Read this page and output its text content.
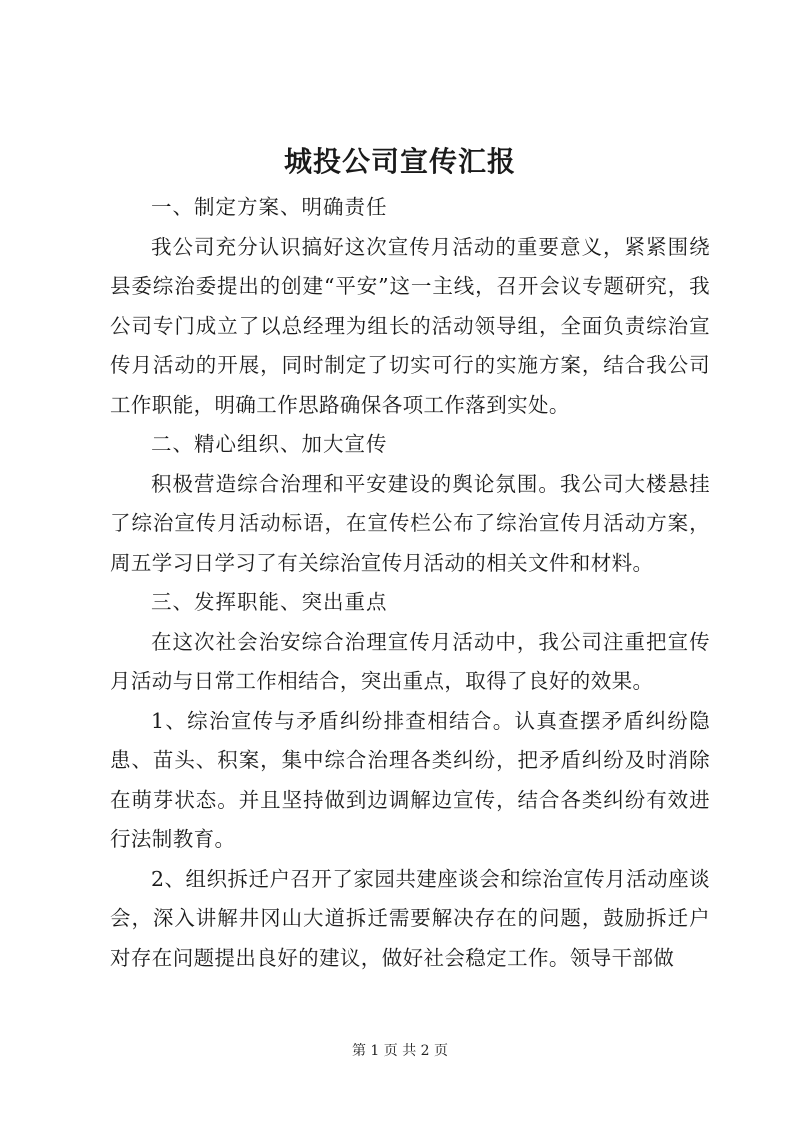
城投公司宣传汇报

一、制定方案、明确责任

我公司充分认识搞好这次宣传月活动的重要意义，紧紧围绕县委综治委提出的创建“平安”这一主线，召开会议专题研究，我公司专门成立了以总经理为组长的活动领导组，全面负责综治宣传月活动的开展，同时制定了切实可行的实施方案，结合我公司工作职能，明确工作思路确保各项工作落到实处。

二、精心组织、加大宣传

积极营造综合治理和平安建设的舆论氛围。我公司大楼悬挂了综治宣传月活动标语，在宣传栏公布了综治宣传月活动方案，周五学习日学习了有关综治宣传月活动的相关文件和材料。

三、发挥职能、突出重点

在这次社会治安综合治理宣传月活动中，我公司注重把宣传月活动与日常工作相结合，突出重点，取得了良好的效果。

1、综治宣传与矛盾纠纷排查相结合。认真查摆矛盾纠纷隐患、苗头、积案，集中综合治理各类纠纷，把矛盾纠纷及时消除在萌芽状态。并且坚持做到边调解边宣传，结合各类纠纷有效进行法制教育。

2、组织拆迁户召开了家园共建座谈会和综治宣传月活动座谈会，深入讲解井冈山大道拆迁需要解决存在的问题，鼓励拆迁户对存在问题提出良好的建议，做好社会稳定工作。领导干部做

第 1 页 共 2 页
